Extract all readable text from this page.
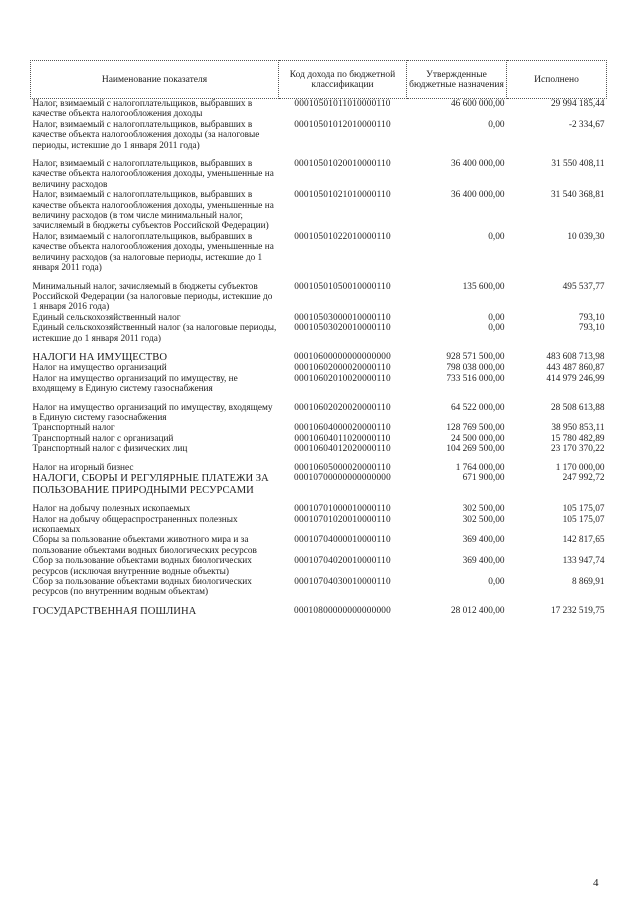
Наименование показателя	Код дохода по бюджетной классификации	Утвержденные бюджетные назначения	Исполнено
Налог, взимаемый с налогоплательщиков, выбравших в качестве объекта налогообложения доходы	00010501011010000110	46 600 000,00	29 994 185,44
Налог, взимаемый с налогоплательщиков, выбравших в качестве объекта налогообложения доходы (за налоговые периоды, истекшие до 1 января 2011 года)	00010501012010000110	0,00	-2 334,67
Налог, взимаемый с налогоплательщиков, выбравших в качестве объекта налогообложения доходы, уменьшенные на величину расходов	00010501020010000110	36 400 000,00	31 550 408,11
Налог, взимаемый с налогоплательщиков, выбравших в качестве объекта налогообложения доходы, уменьшенные на величину расходов (в том числе минимальный налог, зачисляемый в бюджеты субъектов Российской Федерации)	00010501021010000110	36 400 000,00	31 540 368,81
Налог, взимаемый с налогоплательщиков, выбравших в качестве объекта налогообложения доходы, уменьшенные на величину расходов (за налоговые периоды, истекшие до 1 января 2011 года)	00010501022010000110	0,00	10 039,30
Минимальный налог, зачисляемый в бюджеты субъектов Российской Федерации (за налоговые периоды, истекшие до 1 января 2016 года)	00010501050010000110	135 600,00	495 537,77
Единый сельскохозяйственный налог	00010503000010000110	0,00	793,10
Единый сельскохозяйственный налог (за налоговые периоды, истекшие до 1 января 2011 года)	00010503020010000110	0,00	793,10
НАЛОГИ НА ИМУЩЕСТВО	00010600000000000000	928 571 500,00	483 608 713,98
Налог на имущество организаций	00010602000020000110	798 038 000,00	443 487 860,87
Налог на имущество организаций по имуществу, не входящему в Единую систему газоснабжения	00010602010020000110	733 516 000,00	414 979 246,99
Налог на имущество организаций по имуществу, входящему в Единую систему газоснабжения	00010602020020000110	64 522 000,00	28 508 613,88
Транспортный налог	00010604000020000110	128 769 500,00	38 950 853,11
Транспортный налог с организаций	00010604011020000110	24 500 000,00	15 780 482,89
Транспортный налог с физических лиц	00010604012020000110	104 269 500,00	23 170 370,22
Налог на игорный бизнес	00010605000020000110	1 764 000,00	1 170 000,00
НАЛОГИ, СБОРЫ И РЕГУЛЯРНЫЕ ПЛАТЕЖИ ЗА ПОЛЬЗОВАНИЕ ПРИРОДНЫМИ РЕСУРСАМИ	00010700000000000000	671 900,00	247 992,72
Налог на добычу полезных ископаемых	00010701000010000110	302 500,00	105 175,07
Налог на добычу общераспространенных полезных ископаемых	00010701020010000110	302 500,00	105 175,07
Сборы за пользование объектами животного мира и за пользование объектами водных биологических ресурсов	00010704000010000110	369 400,00	142 817,65
Сбор за пользование объектами водных биологических ресурсов (исключая внутренние водные объекты)	00010704020010000110	369 400,00	133 947,74
Сбор за пользование объектами водных биологических ресурсов (по внутренним водным объектам)	00010704030010000110	0,00	8 869,91
ГОСУДАРСТВЕННАЯ ПОШЛИНА	00010800000000000000	28 012 400,00	17 232 519,75
4
